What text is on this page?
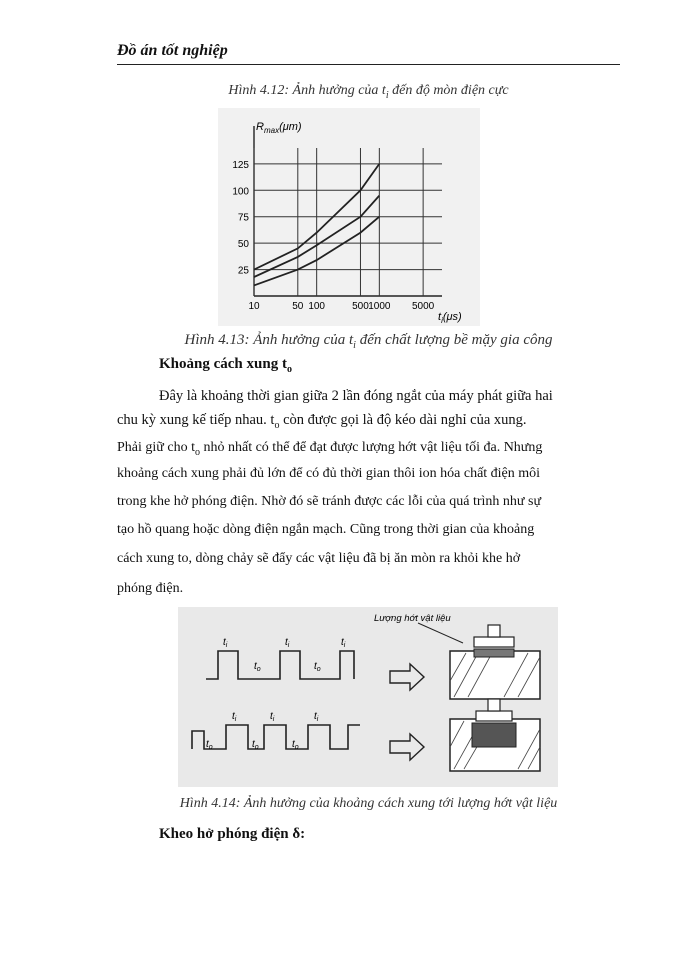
Đồ án tốt nghiệp
Hình 4.12: Ảnh hưởng của $t_i$ đến độ mòn điện cực
25
50
75
100
125
10	50 100	500 1000 5000
$R_{max}(\mu m)$
$t_i(\mu s)$
Hình 4.13: Ảnh hưởng của $t_i$ đến chất lượng bề mặy gia công
Khoảng cách xung $t_o$
Đây là khoảng thời gian giữa 2 lần đóng ngắt của máy phát giữa hai
chu kỳ xung kế tiếp nhau. $t_o$ còn được gọi là độ kéo dài nghỉ của xung.
Phải giữ cho $t_o$ nhỏ nhất có thể để đạt được lượng hớt vật liệu tối đa. Nhưng
khoảng cách xung phải đủ lớn để có đủ thời gian thôi ion hóa chất điện môi
trong khe hở phóng điện. Nhờ đó sẽ tránh được các lỗi của quá trình như sự
tạo hồ quang hoặc dòng điện ngắn mạch. Cũng trong thời gian của khoảng
cách xung to, dòng chảy sẽ đẩy các vật liệu đã bị ăn mòn ra khỏi khe hở
phóng điện.
$t_i$	$t_i$	$t_i$
$t_o$	$t_o$
$t_i$	$t_i$	$t_i$
$t_o$	$t_o$	$t_o$
Lượng hớt vật liệu
Hình 4.14: Ảnh hưởng của khoảng cách xung tới lượng hớt vật liệu
Kheo hở phóng điện δ:
